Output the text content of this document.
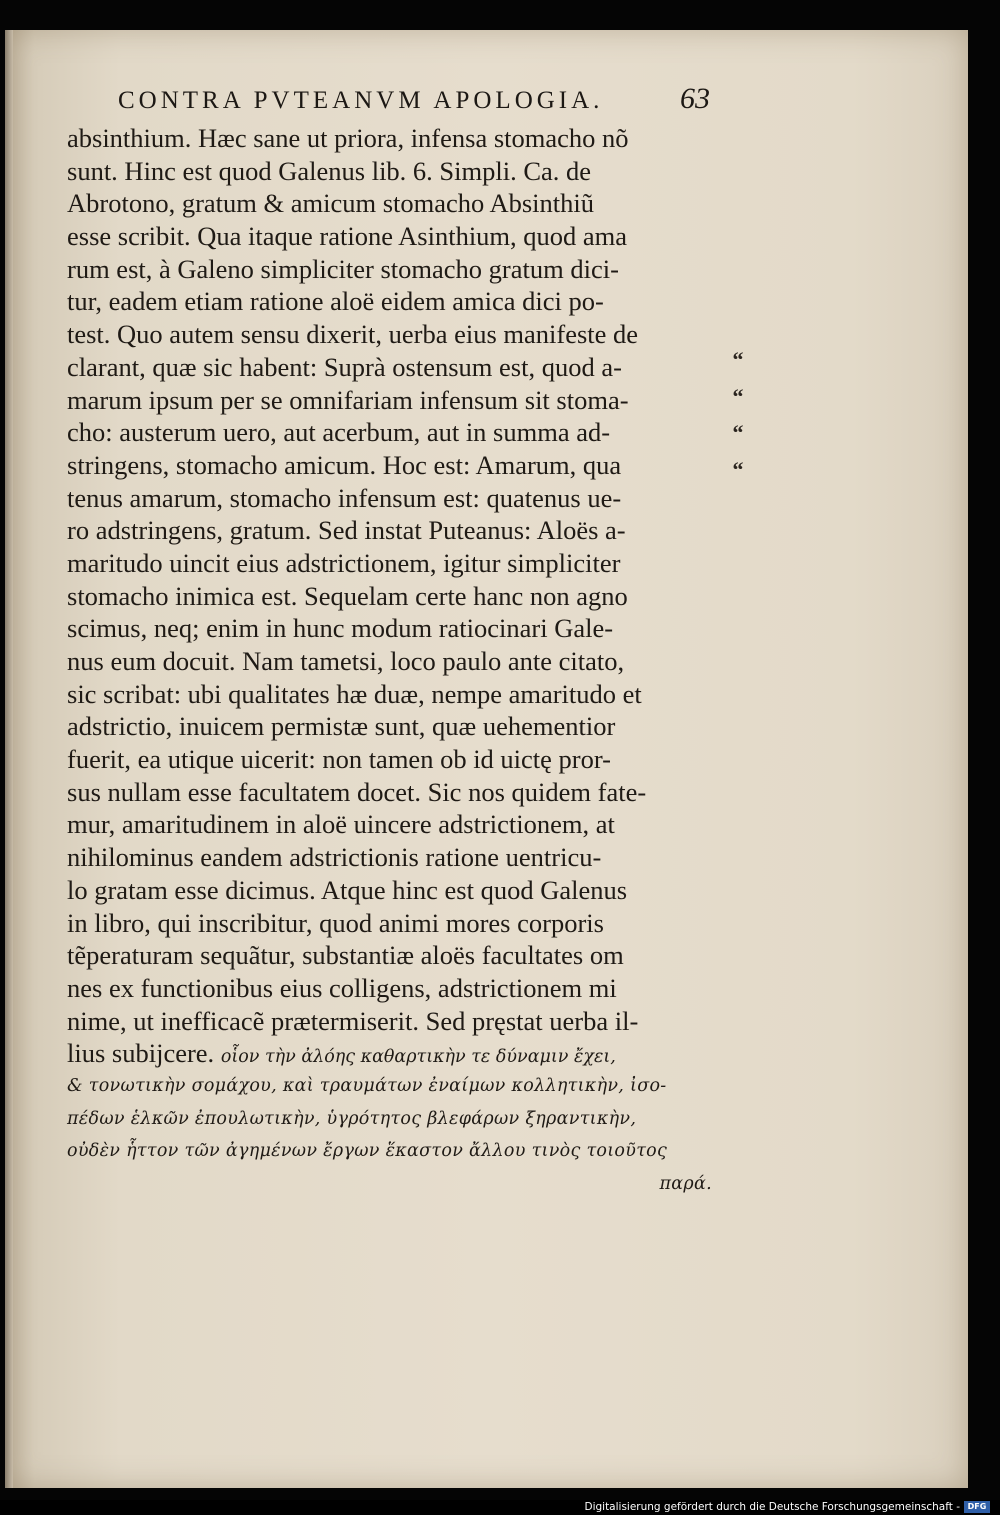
CONTRA PVTEANVM APOLOGIA.	63
absinthium. Hæc sane ut priora, infensa stomacho nõ
sunt. Hinc est quod Galenus lib. 6. Simpli. Ca. de
Abrotono, gratum & amicum stomacho Absinthiũ
esse scribit. Qua itaque ratione Asinthium, quod ama
rum est, à Galeno simpliciter stomacho gratum dici-
tur, eadem etiam ratione aloë eidem amica dici po-
test. Quo autem sensu dixerit, uerba eius manifeste de
clarant, quæ sic habent: Suprà ostensum est, quod a-
marum ipsum per se omnifariam infensum sit stoma-
cho: austerum uero, aut acerbum, aut in summa ad-
stringens, stomacho amicum. Hoc est: Amarum, qua
tenus amarum, stomacho infensum est: quatenus ue-
ro adstringens, gratum. Sed instat Puteanus: Aloës a-
maritudo uincit eius adstrictionem, igitur simpliciter
stomacho inimica est. Sequelam certe hanc non agno
scimus, neq; enim in hunc modum ratiocinari Gale-
nus eum docuit. Nam tametsi, loco paulo ante citato,
sic scribat: ubi qualitates hæ duæ, nempe amaritudo et
adstrictio, inuicem permistæ sunt, quæ uehementior
fuerit, ea utique uicerit: non tamen ob id uictę pror-
sus nullam esse facultatem docet. Sic nos quidem fate-
mur, amaritudinem in aloë uincere adstrictionem, at
nihilominus eandem adstrictionis ratione uentricu-
lo gratam esse dicimus. Atque hinc est quod Galenus
in libro, qui inscribitur, quod animi mores corporis
tẽperaturam sequãtur, substantiæ aloës facultates om
nes ex functionibus eius colligens, adstrictionem mi
nime, ut inefficacẽ prætermiserit. Sed pręstat uerba il-
lius subijcere. οἷον τὴν ἀλόης καθαρτικὴν τε δύναμιν ἔχει,
& τονωτικὴν σομάχου, καὶ τραυμάτων ἐναίμων κολλητικὴν, ἰσο-
πέδων ἑλκῶν ἐπουλωτικὴν, ὑγρότητος βλεφάρων ξηραντικὴν,
οὐδὲν ἧττον τῶν ἀγημένων ἔργων ἕκαστον ἄλλου τινὸς τοιοῦτος
παρά.
“
“
“
“
Digitalisierung gefördert durch die Deutsche Forschungsgemeinschaft - DFG
